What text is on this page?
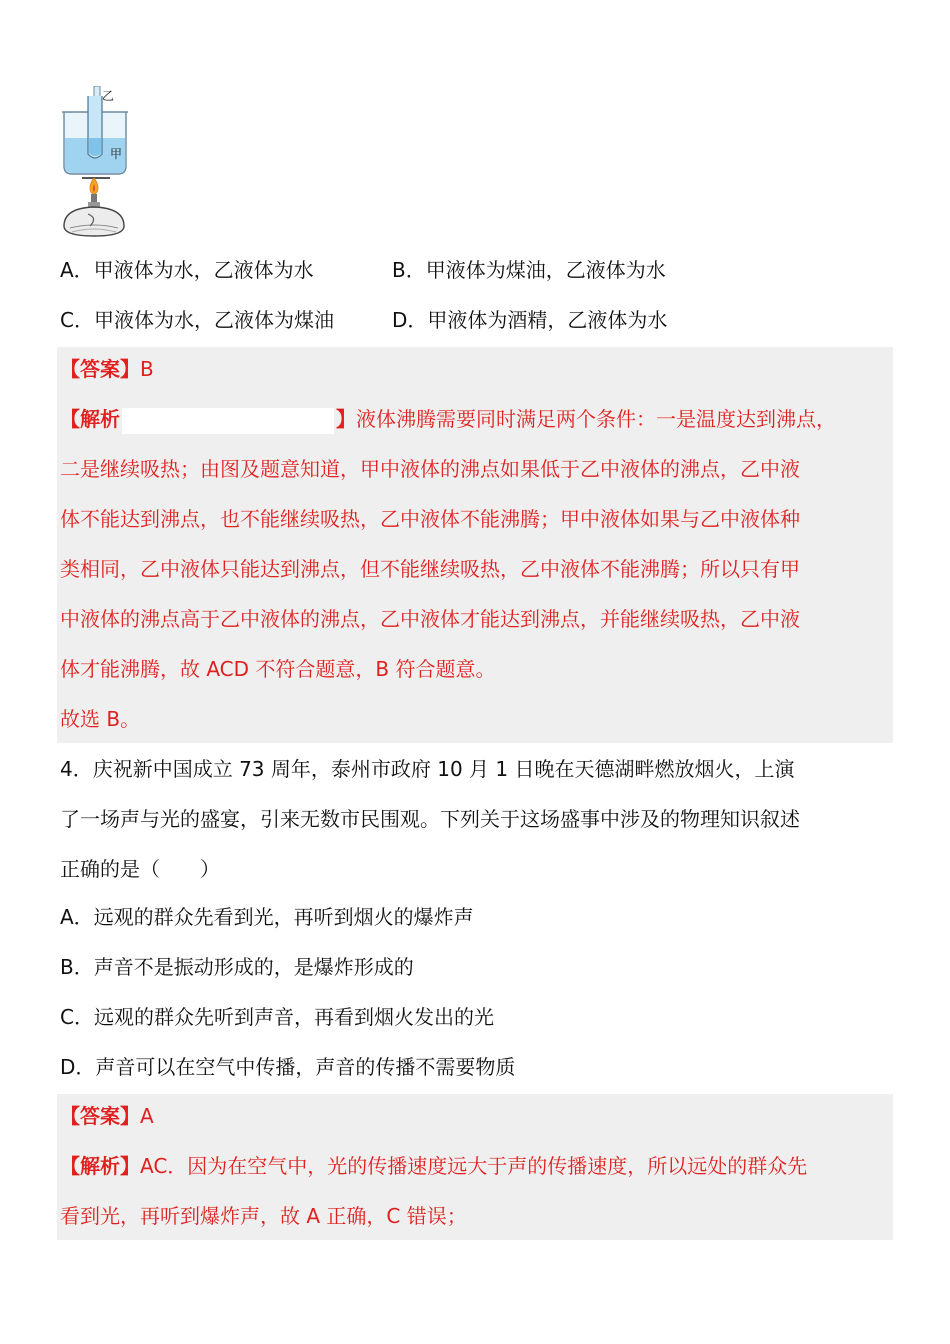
乙
甲
A．甲液体为水，乙液体为水	B．甲液体为煤油，乙液体为水
C．甲液体为水，乙液体为煤油	D．甲液体为酒精，乙液体为水
【答案】B
【解析	】液体沸腾需要同时满足两个条件：一是温度达到沸点，
二是继续吸热；由图及题意知道，甲中液体的沸点如果低于乙中液体的沸点，乙中液
体不能达到沸点，也不能继续吸热，乙中液体不能沸腾；甲中液体如果与乙中液体种
类相同，乙中液体只能达到沸点，但不能继续吸热，乙中液体不能沸腾；所以只有甲
中液体的沸点高于乙中液体的沸点，乙中液体才能达到沸点，并能继续吸热，乙中液
体才能沸腾，故 ACD 不符合题意，B 符合题意。
故选 B。
4．庆祝新中国成立 73 周年，泰州市政府 10 月 1 日晚在天德湖畔燃放烟火，上演
了一场声与光的盛宴，引来无数市民围观。下列关于这场盛事中涉及的物理知识叙述
正确的是（　　）
A．远观的群众先看到光，再听到烟火的爆炸声
B．声音不是振动形成的，是爆炸形成的
C．远观的群众先听到声音，再看到烟火发出的光
D．声音可以在空气中传播，声音的传播不需要物质
【答案】A
【解析】AC．因为在空气中，光的传播速度远大于声的传播速度，所以远处的群众先
看到光，再听到爆炸声，故 A 正确，C 错误；
